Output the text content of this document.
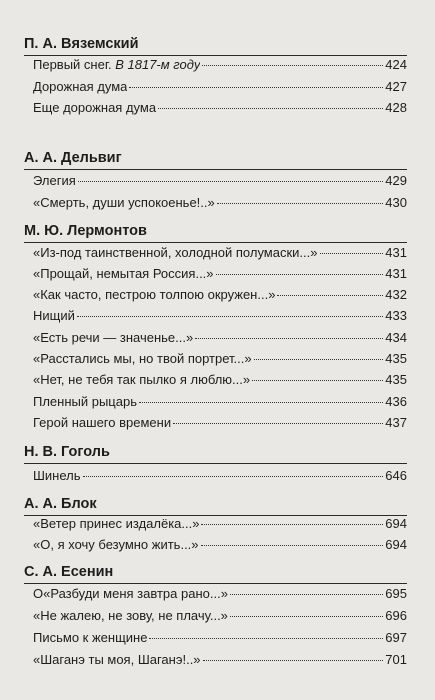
П. А. Вяземский
Первый снег. В 1817-м году	424
Дорожная дума	427
Еще дорожная дума	428
А. А. Дельвиг
Элегия	429
«Смерть, души успокоенье!..»	430
М. Ю. Лермонтов
«Из-под таинственной, холодной полумаски...»	431
«Прощай, немытая Россия...»	431
«Как часто, пестрою толпою окружен...»	432
Нищий	433
«Есть речи — значенье...»	434
«Расстались мы, но твой портрет...»	435
«Нет, не тебя так пылко я люблю...»	435
Пленный рыцарь	436
Герой нашего времени	437
Н. В. Гоголь
Шинель	646
А. А. Блок
«Ветер принес издалёка...»	694
«О, я хочу безумно жить...»	694
С. А. Есенин
О«Разбуди меня завтра рано...»	695
«Не жалею, не зову, не плачу...»	696
Письмо к женщине	697
«Шаганэ ты моя, Шаганэ!..»	701
